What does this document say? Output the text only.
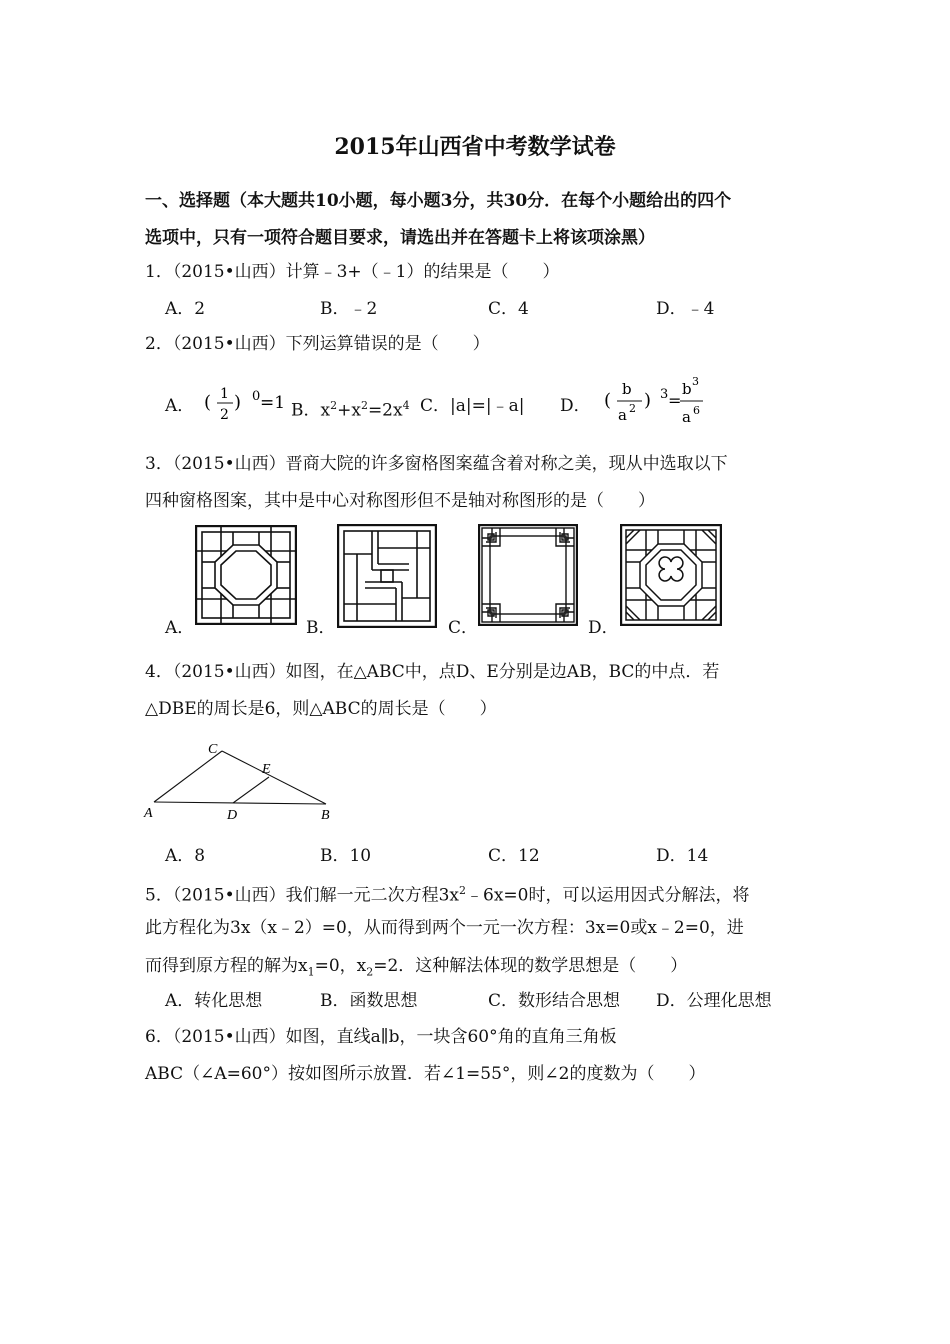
2015年山西省中考数学试卷
一、选择题（本大题共10小题，每小题3分，共30分．在每个小题给出的四个
选项中，只有一项符合题目要求，请选出并在答题卡上将该项涂黑）
1．（2015•山西）计算﹣3+（﹣1）的结果是（　　）
A．2	B．﹣2	C．4	D．﹣4
2．（2015•山西）下列运算错误的是（　　）
A． ( 1
2
) 0 =1 B．$x^2+x^2=2x^4$ C．|a|=|﹣a| D． (
b
a 2 ) 3 =
b 3
a 6
3．（2015•山西）晋商大院的许多窗格图案蕴含着对称之美，现从中选取以下
四种窗格图案，其中是中心对称图形但不是轴对称图形的是（　　）
A．	B．	C．	D．
4．（2015•山西）如图，在△ABC中，点D、E分别是边AB，BC的中点．若
△DBE的周长是6，则△ABC的周长是（　　）
C
E
A	D	B
A．8	B．10	C．12	D．14
5．（2015•山西）我们解一元二次方程$3x^2﹣6x=0$时，可以运用因式分解法，将
此方程化为3x（x﹣2）=0，从而得到两个一元一次方程：3x=0或x﹣2=0，进
而得到原方程的解为$x_1=0$，$x_2=2$．这种解法体现的数学思想是（　　）
A．转化思想	B．函数思想	C．数形结合思想 D．公理化思想
6．（2015•山西）如图，直线a∥b，一块含60°角的直角三角板
ABC（∠A=60°）按如图所示放置．若∠1=55°，则∠2的度数为（　　）
